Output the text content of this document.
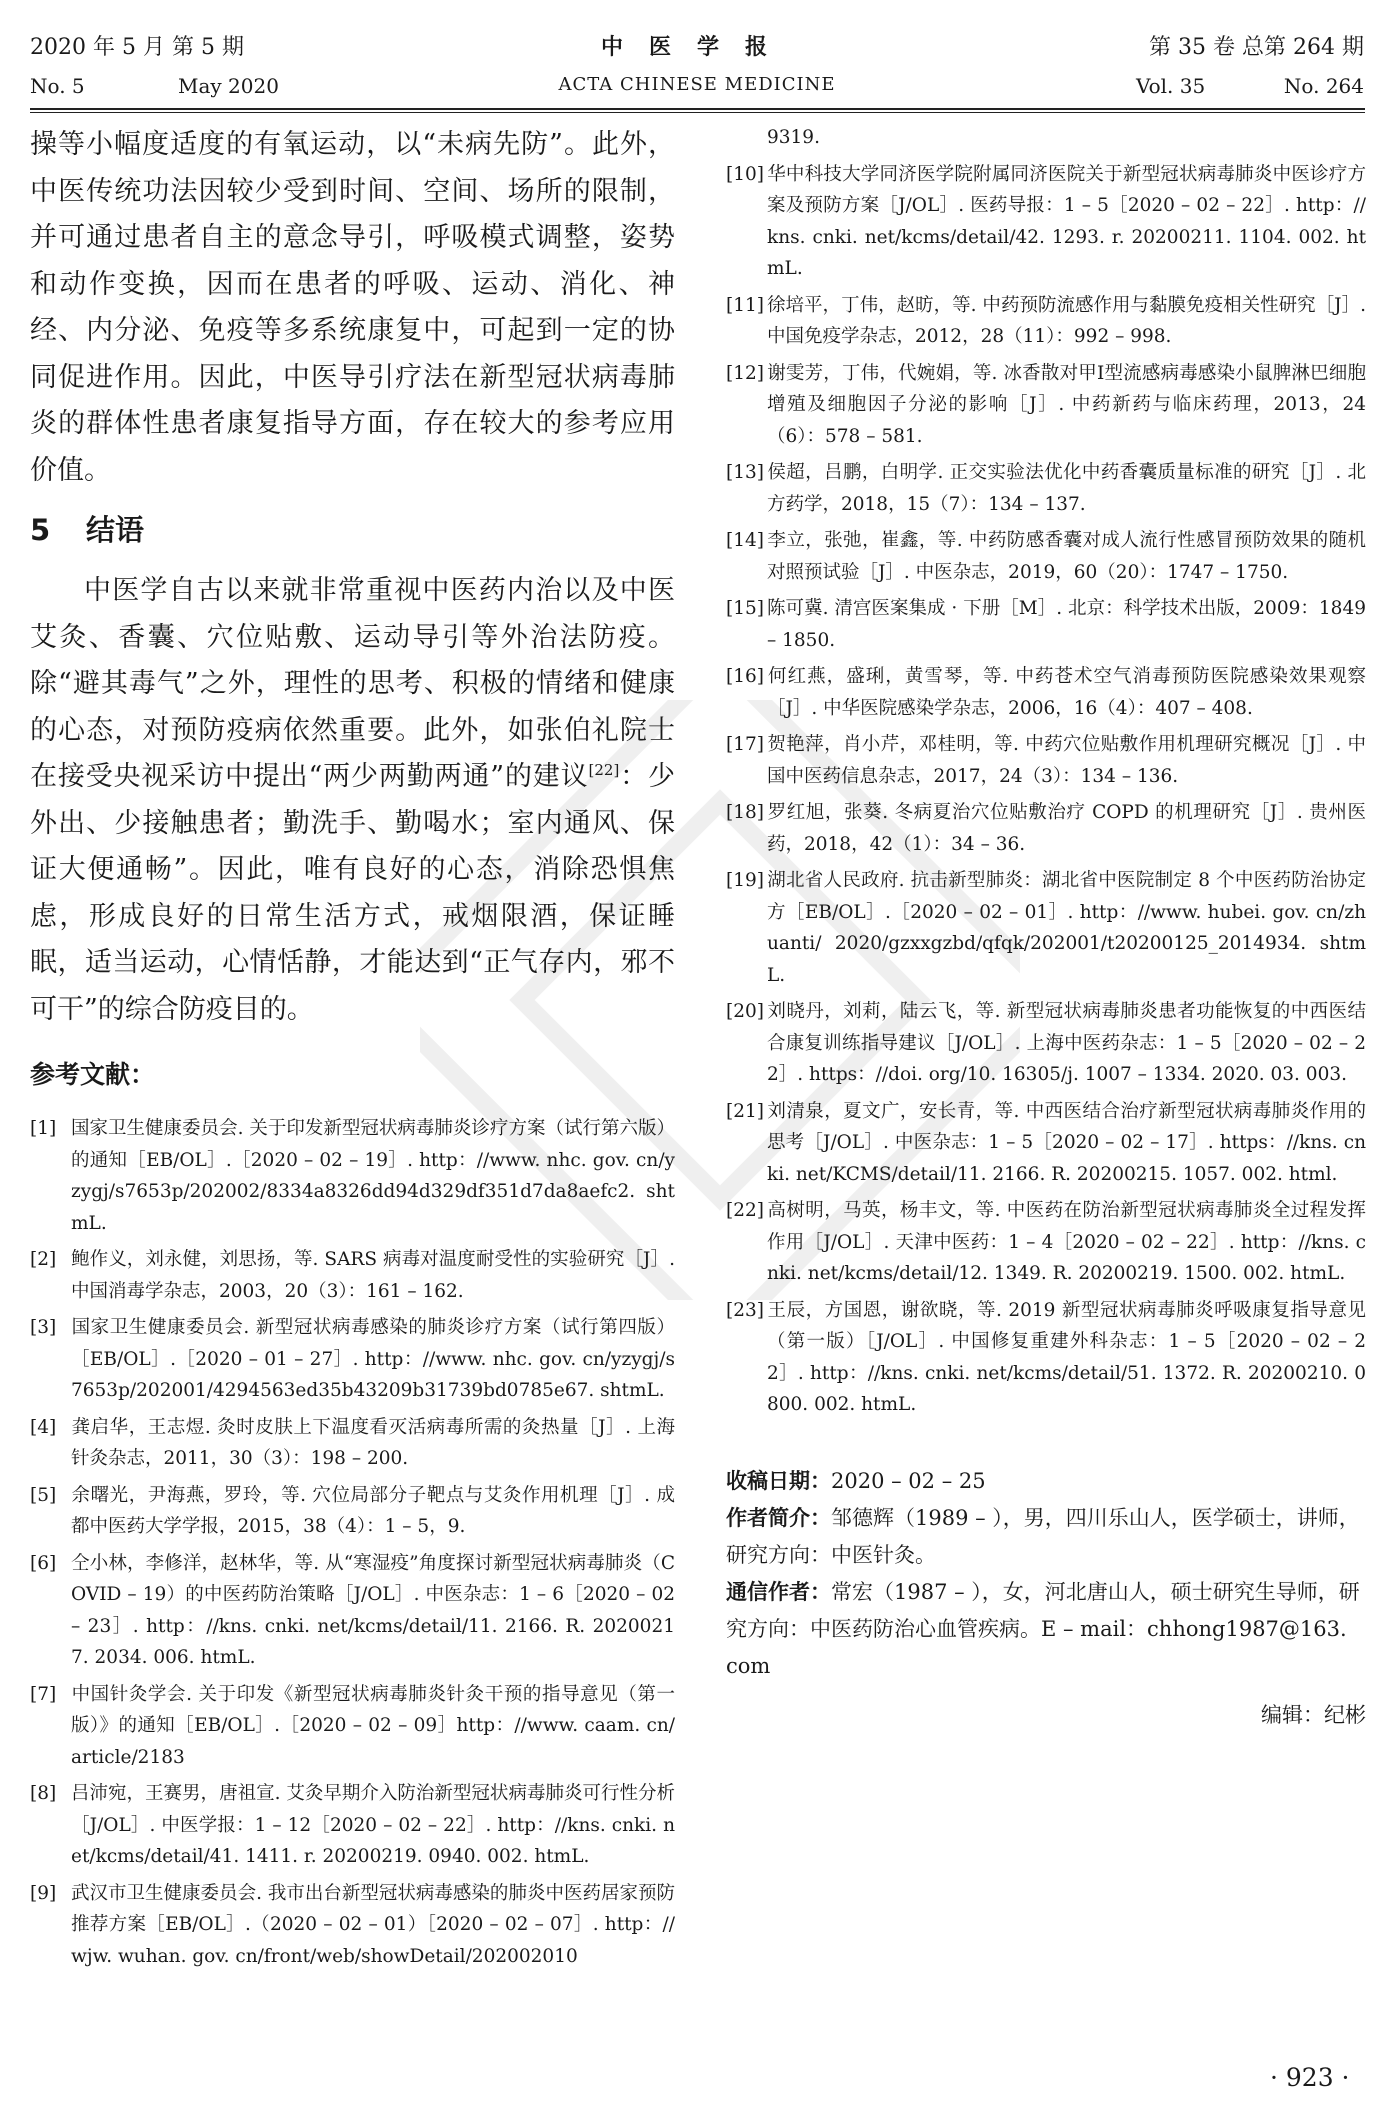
2020 年 5 月 第 5 期	中医学报	第 35 卷 总第 264 期
No. 5	May 2020	ACTA CHINESE MEDICINE	Vol. 35	No. 264

操等小幅度适度的有氧运动，以“未病先防”。此外，中医传统功法因较少受到时间、空间、场所的限制，并可通过患者自主的意念导引，呼吸模式调整，姿势和动作变换，因而在患者的呼吸、运动、消化、神经、内分泌、免疫等多系统康复中，可起到一定的协同促进作用。因此，中医导引疗法在新型冠状病毒肺炎的群体性患者康复指导方面，存在较大的参考应用价值。

5 结语

中医学自古以来就非常重视中医药内治以及中医艾灸、香囊、穴位贴敷、运动导引等外治法防疫。除“避其毒气”之外，理性的思考、积极的情绪和健康的心态，对预防疫病依然重要。此外，如张伯礼院士在接受央视采访中提出“两少两勤两通”的建议[22]：少外出、少接触患者；勤洗手、勤喝水；室内通风、保证大便通畅”。因此，唯有良好的心态，消除恐惧焦虑，形成良好的日常生活方式，戒烟限酒，保证睡眠，适当运动，心情恬静，才能达到“正气存内，邪不可干”的综合防疫目的。

参考文献：
[1] 国家卫生健康委员会. 关于印发新型冠状病毒肺炎诊疗方案（试行第六版）的通知［EB/OL］.［2020 – 02 – 19］. http：//www. nhc. gov. cn/yzygj/s7653p/202002/8334a8326dd94d329df351d7da8aefc2. shtmL.
[2] 鲍作义，刘永健，刘思扬，等. SARS 病毒对温度耐受性的实验研究［J］. 中国消毒学杂志，2003，20（3）：161 – 162.
[3] 国家卫生健康委员会. 新型冠状病毒感染的肺炎诊疗方案（试行第四版）［EB/OL］.［2020 – 01 – 27］. http：//www. nhc. gov. cn/yzygj/s7653p/202001/4294563ed35b43209b31739bd0785e67. shtmL.
[4] 龚启华，王志煜. 灸时皮肤上下温度看灭活病毒所需的灸热量［J］. 上海针灸杂志，2011，30（3）：198 – 200.
[5] 余曙光，尹海燕，罗玲，等. 穴位局部分子靶点与艾灸作用机理［J］. 成都中医药大学学报，2015，38（4）：1 – 5，9.
[6] 仝小林，李修洋，赵林华，等. 从“寒湿疫”角度探讨新型冠状病毒肺炎（COVID – 19）的中医药防治策略［J/OL］. 中医杂志：1 – 6［2020 – 02 – 23］. http：//kns. cnki. net/kcms/detail/11. 2166. R. 20200217. 2034. 006. htmL.
[7] 中国针灸学会. 关于印发《新型冠状病毒肺炎针灸干预的指导意见（第一版）》的通知［EB/OL］.［2020 – 02 – 09］http：//www. caam. cn/article/2183
[8] 吕沛宛，王赛男，唐祖宣. 艾灸早期介入防治新型冠状病毒肺炎可行性分析［J/OL］. 中医学报：1 – 12［2020 – 02 – 22］. http：//kns. cnki. net/kcms/detail/41. 1411. r. 20200219. 0940. 002. htmL.
[9] 武汉市卫生健康委员会. 我市出台新型冠状病毒感染的肺炎中医药居家预防推荐方案［EB/OL］.（2020 – 02 – 01）［2020 – 02 – 07］. http：//wjw. wuhan. gov. cn/front/web/showDetail/202002010
9319.
[10] 华中科技大学同济医学院附属同济医院关于新型冠状病毒肺炎中医诊疗方案及预防方案［J/OL］. 医药导报：1 – 5［2020 – 02 – 22］. http：//kns. cnki. net/kcms/detail/42. 1293. r. 20200211. 1104. 002. htmL.
[11] 徐培平，丁伟，赵昉，等. 中药预防流感作用与黏膜免疫相关性研究［J］. 中国免疫学杂志，2012，28（11）：992 – 998.
[12] 谢雯芳，丁伟，代婉娟，等. 冰香散对甲Ⅰ型流感病毒感染小鼠脾淋巴细胞增殖及细胞因子分泌的影响［J］. 中药新药与临床药理，2013，24（6）：578 – 581.
[13] 侯超，吕鹏，白明学. 正交实验法优化中药香囊质量标准的研究［J］. 北方药学，2018，15（7）：134 – 137.
[14] 李立，张弛，崔鑫，等. 中药防感香囊对成人流行性感冒预防效果的随机对照预试验［J］. 中医杂志，2019，60（20）：1747 – 1750.
[15] 陈可冀. 清宫医案集成 · 下册［M］. 北京：科学技术出版，2009：1849 – 1850.
[16] 何红燕，盛琍，黄雪琴，等. 中药苍术空气消毒预防医院感染效果观察［J］. 中华医院感染学杂志，2006，16（4）：407 – 408.
[17] 贺艳萍，肖小芹，邓桂明，等. 中药穴位贴敷作用机理研究概况［J］. 中国中医药信息杂志，2017，24（3）：134 – 136.
[18] 罗红旭，张葵. 冬病夏治穴位贴敷治疗 COPD 的机理研究［J］. 贵州医药，2018，42（1）：34 – 36.
[19] 湖北省人民政府. 抗击新型肺炎：湖北省中医院制定 8 个中医药防治协定方［EB/OL］.［2020 – 02 – 01］. http：//www. hubei. gov. cn/zhuanti/ 2020/gzxxgzbd/qfqk/202001/t20200125_2014934. shtmL.
[20] 刘晓丹，刘莉，陆云飞，等. 新型冠状病毒肺炎患者功能恢复的中西医结合康复训练指导建议［J/OL］. 上海中医药杂志：1 – 5［2020 – 02 – 22］. https：//doi. org/10. 16305/j. 1007 – 1334. 2020. 03. 003.
[21] 刘清泉，夏文广，安长青，等. 中西医结合治疗新型冠状病毒肺炎作用的思考［J/OL］. 中医杂志：1 – 5［2020 – 02 – 17］. https：//kns. cnki. net/KCMS/detail/11. 2166. R. 20200215. 1057. 002. html.
[22] 高树明，马英，杨丰文，等. 中医药在防治新型冠状病毒肺炎全过程发挥作用［J/OL］. 天津中医药：1 – 4［2020 – 02 – 22］. http：//kns. cnki. net/kcms/detail/12. 1349. R. 20200219. 1500. 002. htmL.
[23] 王辰，方国恩，谢欲晓，等. 2019 新型冠状病毒肺炎呼吸康复指导意见（第一版）［J/OL］. 中国修复重建外科杂志：1 – 5［2020 – 02 – 22］. http：//kns. cnki. net/kcms/detail/51. 1372. R. 20200210. 0800. 002. htmL.

收稿日期：2020 – 02 – 25

作者简介：邹德辉（1989 – ），男，四川乐山人，医学硕士，讲师，研究方向：中医针灸。

通信作者：常宏（1987 – ），女，河北唐山人，硕士研究生导师，研究方向：中医药防治心血管疾病。E – mail：chhong1987@163. com

编辑：纪彬

· 923 ·
